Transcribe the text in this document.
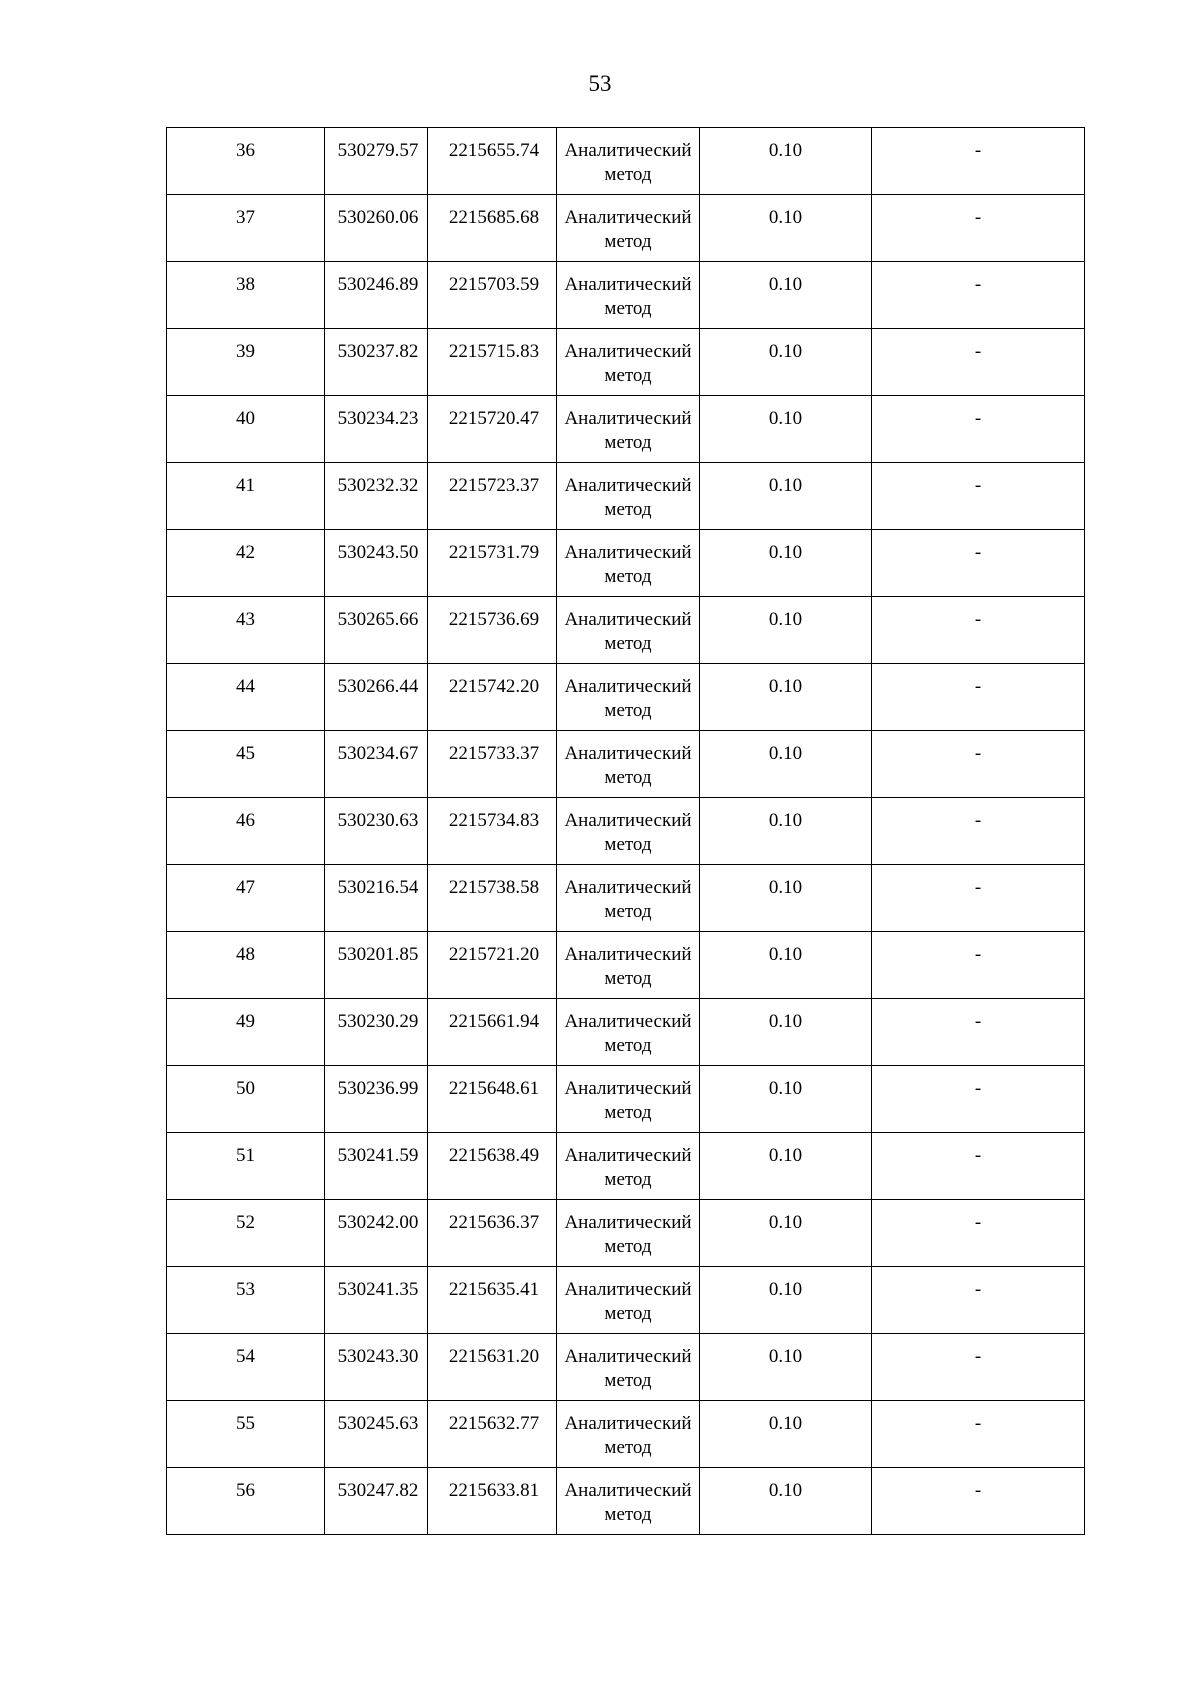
53
36	530279.57	2215655.74	Аналитический метод	0.10	-

37	530260.06	2215685.68	Аналитический метод	0.10	-

38	530246.89	2215703.59	Аналитический метод	0.10	-

39	530237.82	2215715.83	Аналитический метод	0.10	-

40	530234.23	2215720.47	Аналитический метод	0.10	-

41	530232.32	2215723.37	Аналитический метод	0.10	-

42	530243.50	2215731.79	Аналитический метод	0.10	-

43	530265.66	2215736.69	Аналитический метод	0.10	-

44	530266.44	2215742.20	Аналитический метод	0.10	-

45	530234.67	2215733.37	Аналитический метод	0.10	-

46	530230.63	2215734.83	Аналитический метод	0.10	-

47	530216.54	2215738.58	Аналитический метод	0.10	-

48	530201.85	2215721.20	Аналитический метод	0.10	-

49	530230.29	2215661.94	Аналитический метод	0.10	-

50	530236.99	2215648.61	Аналитический метод	0.10	-

51	530241.59	2215638.49	Аналитический метод	0.10	-

52	530242.00	2215636.37	Аналитический метод	0.10	-

53	530241.35	2215635.41	Аналитический метод	0.10	-

54	530243.30	2215631.20	Аналитический метод	0.10	-

55	530245.63	2215632.77	Аналитический метод	0.10	-

56	530247.82	2215633.81	Аналитический метод	0.10	-
